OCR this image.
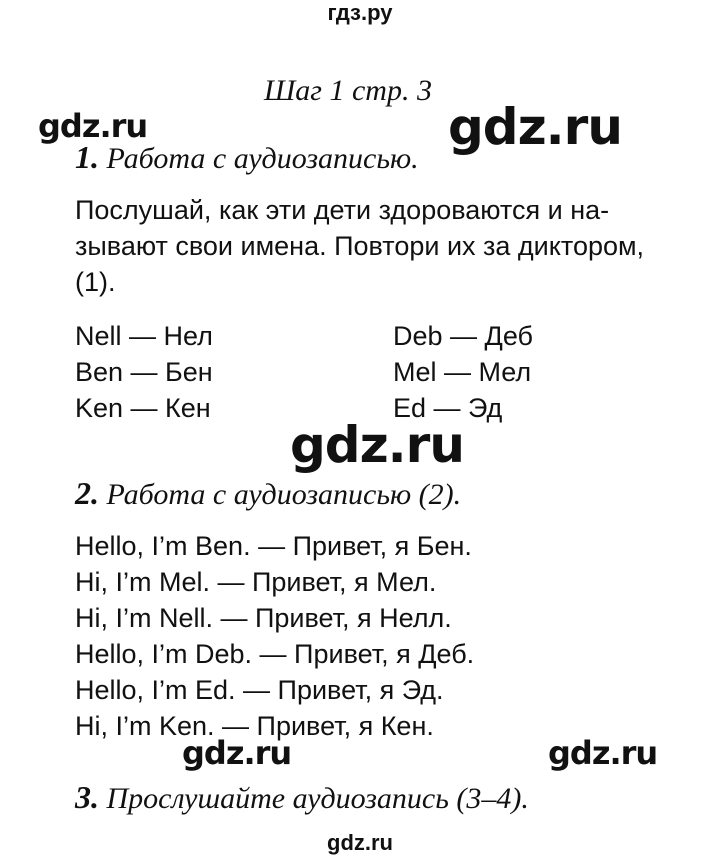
гдз.ру
gdz.ru
gdz.ru	gdz.ru
gdz.ru
gdz.ru	gdz.ru
Шаг 1 стр. 3
1. Работа с аудиозаписью.
Послушай, как эти дети здороваются и на-
зывают свои имена. Повтори их за диктором,
(1).
Nell — Нел
Ben — Бен
Ken — Кен
Deb — Деб
Mel — Мел
Ed — Эд
2. Работа с аудиозаписью (2).
Hello, I’m Ben. — Привет, я Бен.
Hi, I’m Mel. — Привет, я Мел.
Hi, I’m Nell. — Привет, я Нелл.
Hello, I’m Deb. — Привет, я Деб.
Hello, I’m Ed. — Привет, я Эд.
Hi, I’m Ken. — Привет, я Кен.
3. Прослушайте аудиозапись (3–4).
